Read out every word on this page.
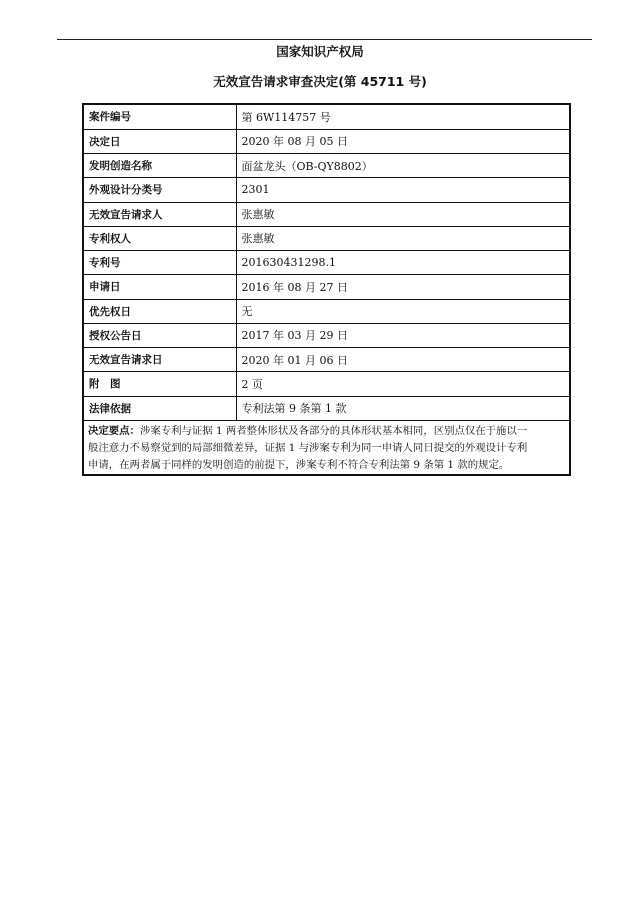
国家知识产权局
无效宣告请求审查决定(第 45711 号)
案件编号	第 6W114757 号
决定日	2020 年 08 月 05 日
发明创造名称	面盆龙头（OB-QY8802）
外观设计分类号	2301
无效宣告请求人	张惠敏
专利权人	张惠敏
专利号	201630431298.1
申请日	2016 年 08 月 27 日
优先权日	无
授权公告日	2017 年 03 月 29 日
无效宣告请求日	2020 年 01 月 06 日
附　图	2 页
法律依据	专利法第 9 条第 1 款
决定要点：涉案专利与证据 1 两者整体形状及各部分的具体形状基本相同，区别点仅在于施以一
般注意力不易察觉到的局部细微差异，证据 1 与涉案专利为同一申请人同日提交的外观设计专利
申请，在两者属于同样的发明创造的前提下，涉案专利不符合专利法第 9 条第 1 款的规定。
